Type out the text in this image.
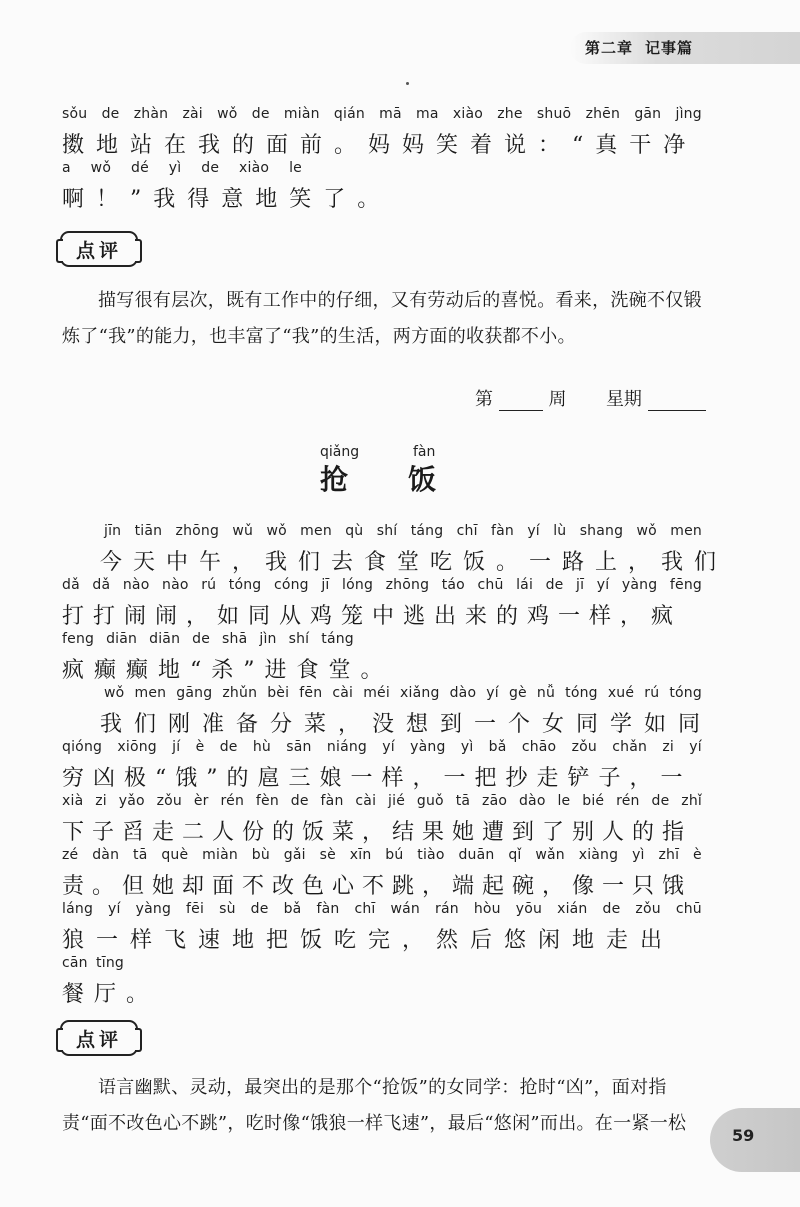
第二章 记事篇
sǒu de zhàn zài wǒ de miàn qián mā ma xiào zhe shuō zhēn gān jìng
擞地站在我的面前。妈妈笑着说：“真干净
a wǒ dé yì de xiào le
啊！”我得意地笑了。
点评
描写很有层次，既有工作中的仔细，又有劳动后的喜悦。看来，洗碗不仅锻炼了“我”的能力，也丰富了“我”的生活，两方面的收获都不小。
第	周 星期
qiǎng	fàn
抢 饭
jīn tiān zhōng wǔ wǒ men qù shí táng chī fàn yí lù shang wǒ men
今天中午，我们去食堂吃饭。一路上，我们
dǎ dǎ nào nào rú tóng cóng jī lóng zhōng táo chū lái de jī yí yàng fēng
打打闹闹，如同从鸡笼中逃出来的鸡一样，疯
feng diān diān de shā jìn shí táng
疯癫癫地“杀”进食堂。
wǒ men gāng zhǔn bèi fēn cài méi xiǎng dào yí gè nǚ tóng xué rú tóng
我们刚准备分菜，没想到一个女同学如同
qióng xiōng jí è de hù sān niáng yí yàng yì bǎ chāo zǒu chǎn zi yí
穷凶极“饿”的扈三娘一样，一把抄走铲子，一
xià zi yǎo zǒu èr rén fèn de fàn cài jié guǒ tā zāo dào le bié rén de zhǐ
下子舀走二人份的饭菜，结果她遭到了别人的指
zé dàn tā què miàn bù gǎi sè xīn bú tiào duān qǐ wǎn xiàng yì zhī è
责。但她却面不改色心不跳，端起碗，像一只饿
láng yí yàng fēi sù de bǎ fàn chī wán rán hòu yōu xián de zǒu chū
狼一样飞速地把饭吃完，然后悠闲地走出
cān tīng
餐厅。
点评
语言幽默、灵动，最突出的是那个“抢饭”的女同学：抢时“凶”，面对指责“面不改色心不跳”，吃时像“饿狼一样飞速”，最后“悠闲”而出。在一紧一松
59
